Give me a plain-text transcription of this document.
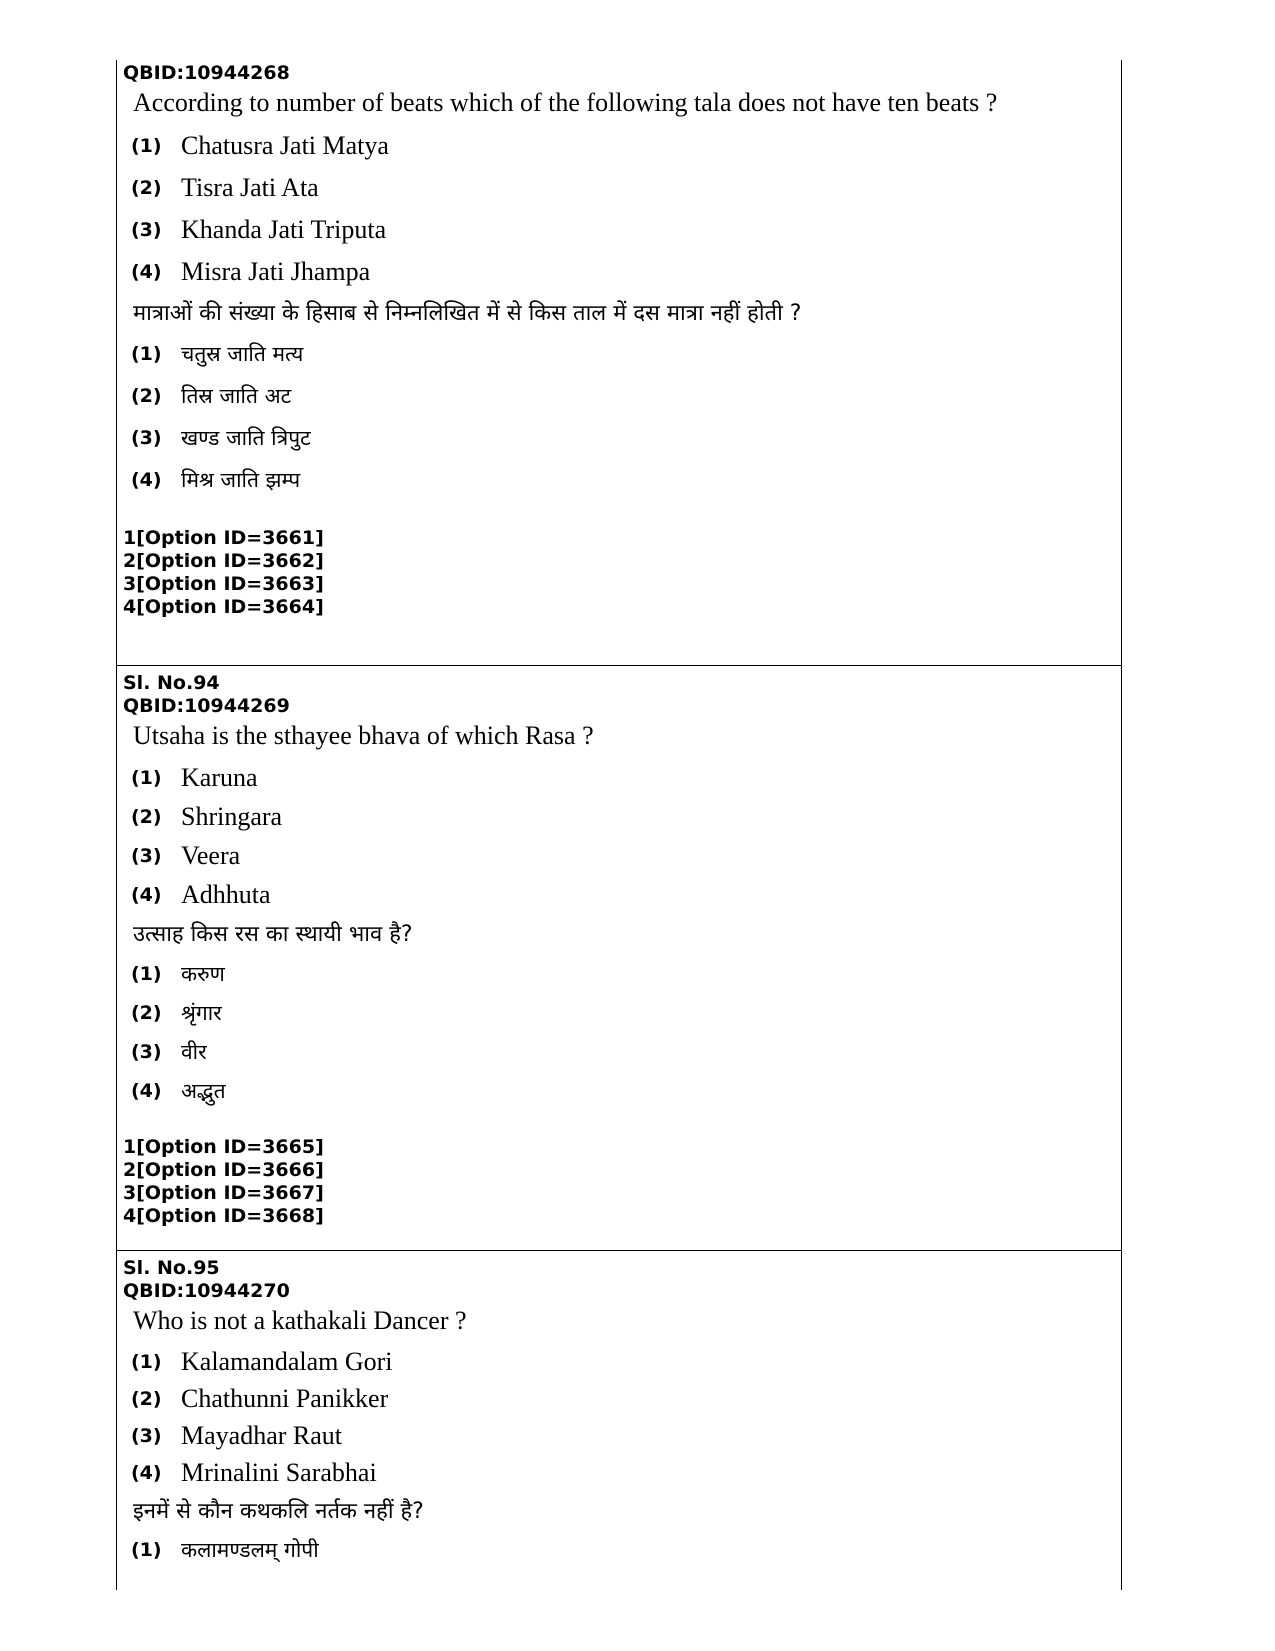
QBID:10944268

According to number of beats which of the following tala does not have ten beats ?

(1) Chatusra Jati Matya
(2) Tisra Jati Ata
(3) Khanda Jati Triputa
(4) Misra Jati Jhampa

मात्राओं की संख्या के हिसाब से निम्नलिखित में से किस ताल में दस मात्रा नहीं होती ?

(1) चतुस्र जाति मत्य
(2) तिस्र जाति अट
(3) खण्ड जाति त्रिपुट
(4) मिश्र जाति झम्प

1[Option ID=3661]

2[Option ID=3662]

3[Option ID=3663]

4[Option ID=3664]

Sl. No.94

QBID:10944269

Utsaha is the sthayee bhava of which Rasa ?

(1) Karuna
(2) Shringara
(3) Veera
(4) Adhhuta

उत्साह किस रस का स्थायी भाव है?

(1) करुण
(2) श्रृंगार
(3) वीर
(4) अद्भुत

1[Option ID=3665]

2[Option ID=3666]

3[Option ID=3667]

4[Option ID=3668]

Sl. No.95

QBID:10944270

Who is not a kathakali Dancer ?

(1) Kalamandalam Gori
(2) Chathunni Panikker
(3) Mayadhar Raut
(4) Mrinalini Sarabhai

इनमें से कौन कथकलि नर्तक नहीं है?

(1) कलामण्डलम् गोपी
